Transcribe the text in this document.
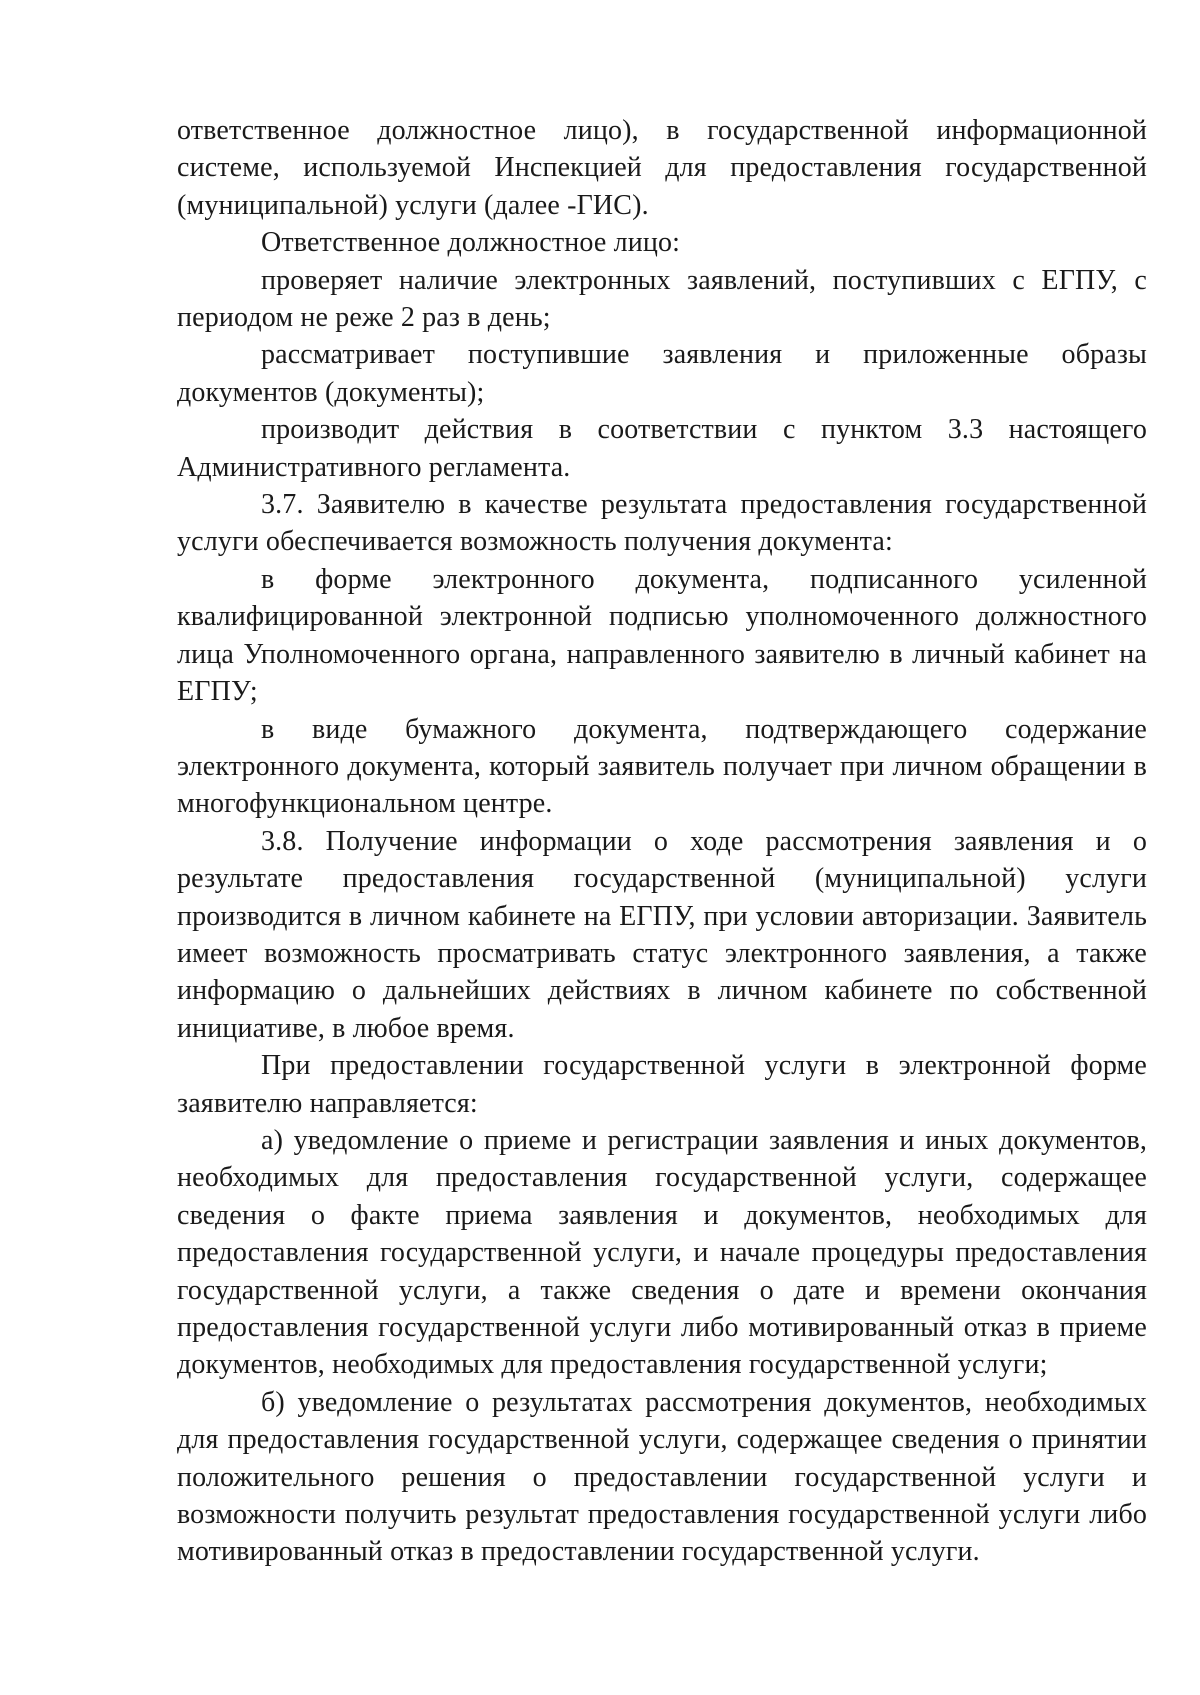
ответственное должностное лицо), в государственной информационной системе, используемой Инспекцией для предоставления государственной (муниципальной) услуги (далее -ГИС).

Ответственное должностное лицо:

проверяет наличие электронных заявлений, поступивших с ЕГПУ, с периодом не реже 2 раз в день;

рассматривает поступившие заявления и приложенные образы документов (документы);

производит действия в соответствии с пунктом 3.3 настоящего Административного регламента.

3.7. Заявителю в качестве результата предоставления государственной услуги обеспечивается возможность получения документа:

в форме электронного документа, подписанного усиленной квалифицированной электронной подписью уполномоченного должностного лица Уполномоченного органа, направленного заявителю в личный кабинет на ЕГПУ;

в виде бумажного документа, подтверждающего содержание электронного документа, который заявитель получает при личном обращении в многофункциональном центре.

3.8. Получение информации о ходе рассмотрения заявления и о результате предоставления государственной (муниципальной) услуги производится в личном кабинете на ЕГПУ, при условии авторизации. Заявитель имеет возможность просматривать статус электронного заявления, а также информацию о дальнейших действиях в личном кабинете по собственной инициативе, в любое время.

При предоставлении государственной услуги в электронной форме заявителю направляется:

а) уведомление о приеме и регистрации заявления и иных документов, необходимых для предоставления государственной услуги, содержащее сведения о факте приема заявления и документов, необходимых для предоставления государственной услуги, и начале процедуры предоставления государственной услуги, а также сведения о дате и времени окончания предоставления государственной услуги либо мотивированный отказ в приеме документов, необходимых для предоставления государственной услуги;

б) уведомление о результатах рассмотрения документов, необходимых для предоставления государственной услуги, содержащее сведения о принятии положительного решения о предоставлении государственной услуги и возможности получить результат предоставления государственной услуги либо мотивированный отказ в предоставлении государственной услуги.
